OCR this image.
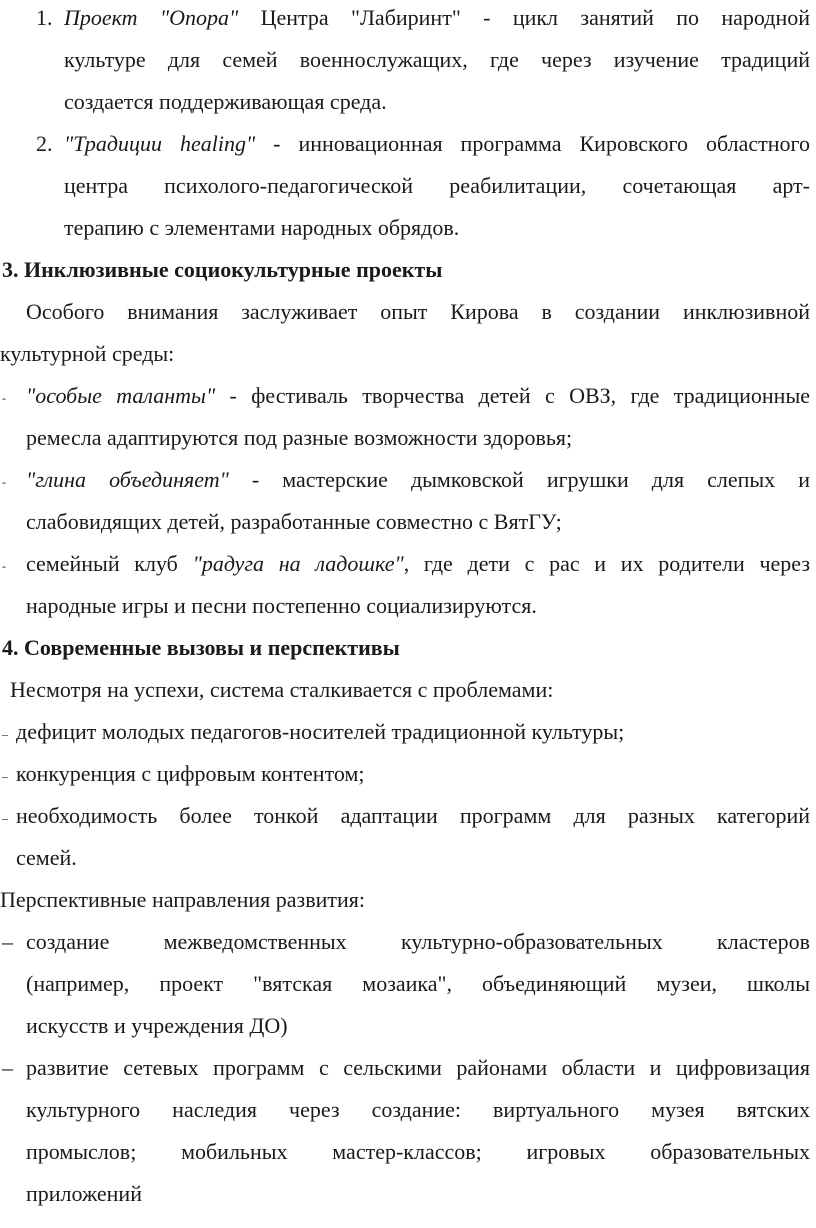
1. Проект "Опора" Центра "Лабиринт" - цикл занятий по народной
культуре для семей военнослужащих, где через изучение традиций
создается поддерживающая среда.
2. "Традиции healing" - инновационная программа Кировского областного
центра психолого-педагогической реабилитации, сочетающая арт-
терапию с элементами народных обрядов.
3. Инклюзивные социокультурные проекты
Особого внимания заслуживает опыт Кирова в создании инклюзивной
культурной среды:
- "особые таланты" - фестиваль творчества детей с ОВЗ, где традиционные
ремесла адаптируются под разные возможности здоровья;
- "глина объединяет" - мастерские дымковской игрушки для слепых и
слабовидящих детей, разработанные совместно с ВятГУ;
- семейный клуб "радуга на ладошке", где дети с рас и их родители через
народные игры и песни постепенно социализируются.
4. Современные вызовы и перспективы
Несмотря на успехи, система сталкивается с проблемами:
– дефицит молодых педагогов-носителей традиционной культуры;
– конкуренция с цифровым контентом;
– необходимость более тонкой адаптации программ для разных категорий
семей.
Перспективные направления развития:
– создание межведомственных культурно-образовательных кластеров
(например, проект "вятская мозаика", объединяющий музеи, школы
искусств и учреждения ДО)
– развитие сетевых программ с сельскими районами области и цифровизация
культурного наследия через создание: виртуального музея вятских
промыслов; мобильных мастер-классов; игровых образовательных
приложений
